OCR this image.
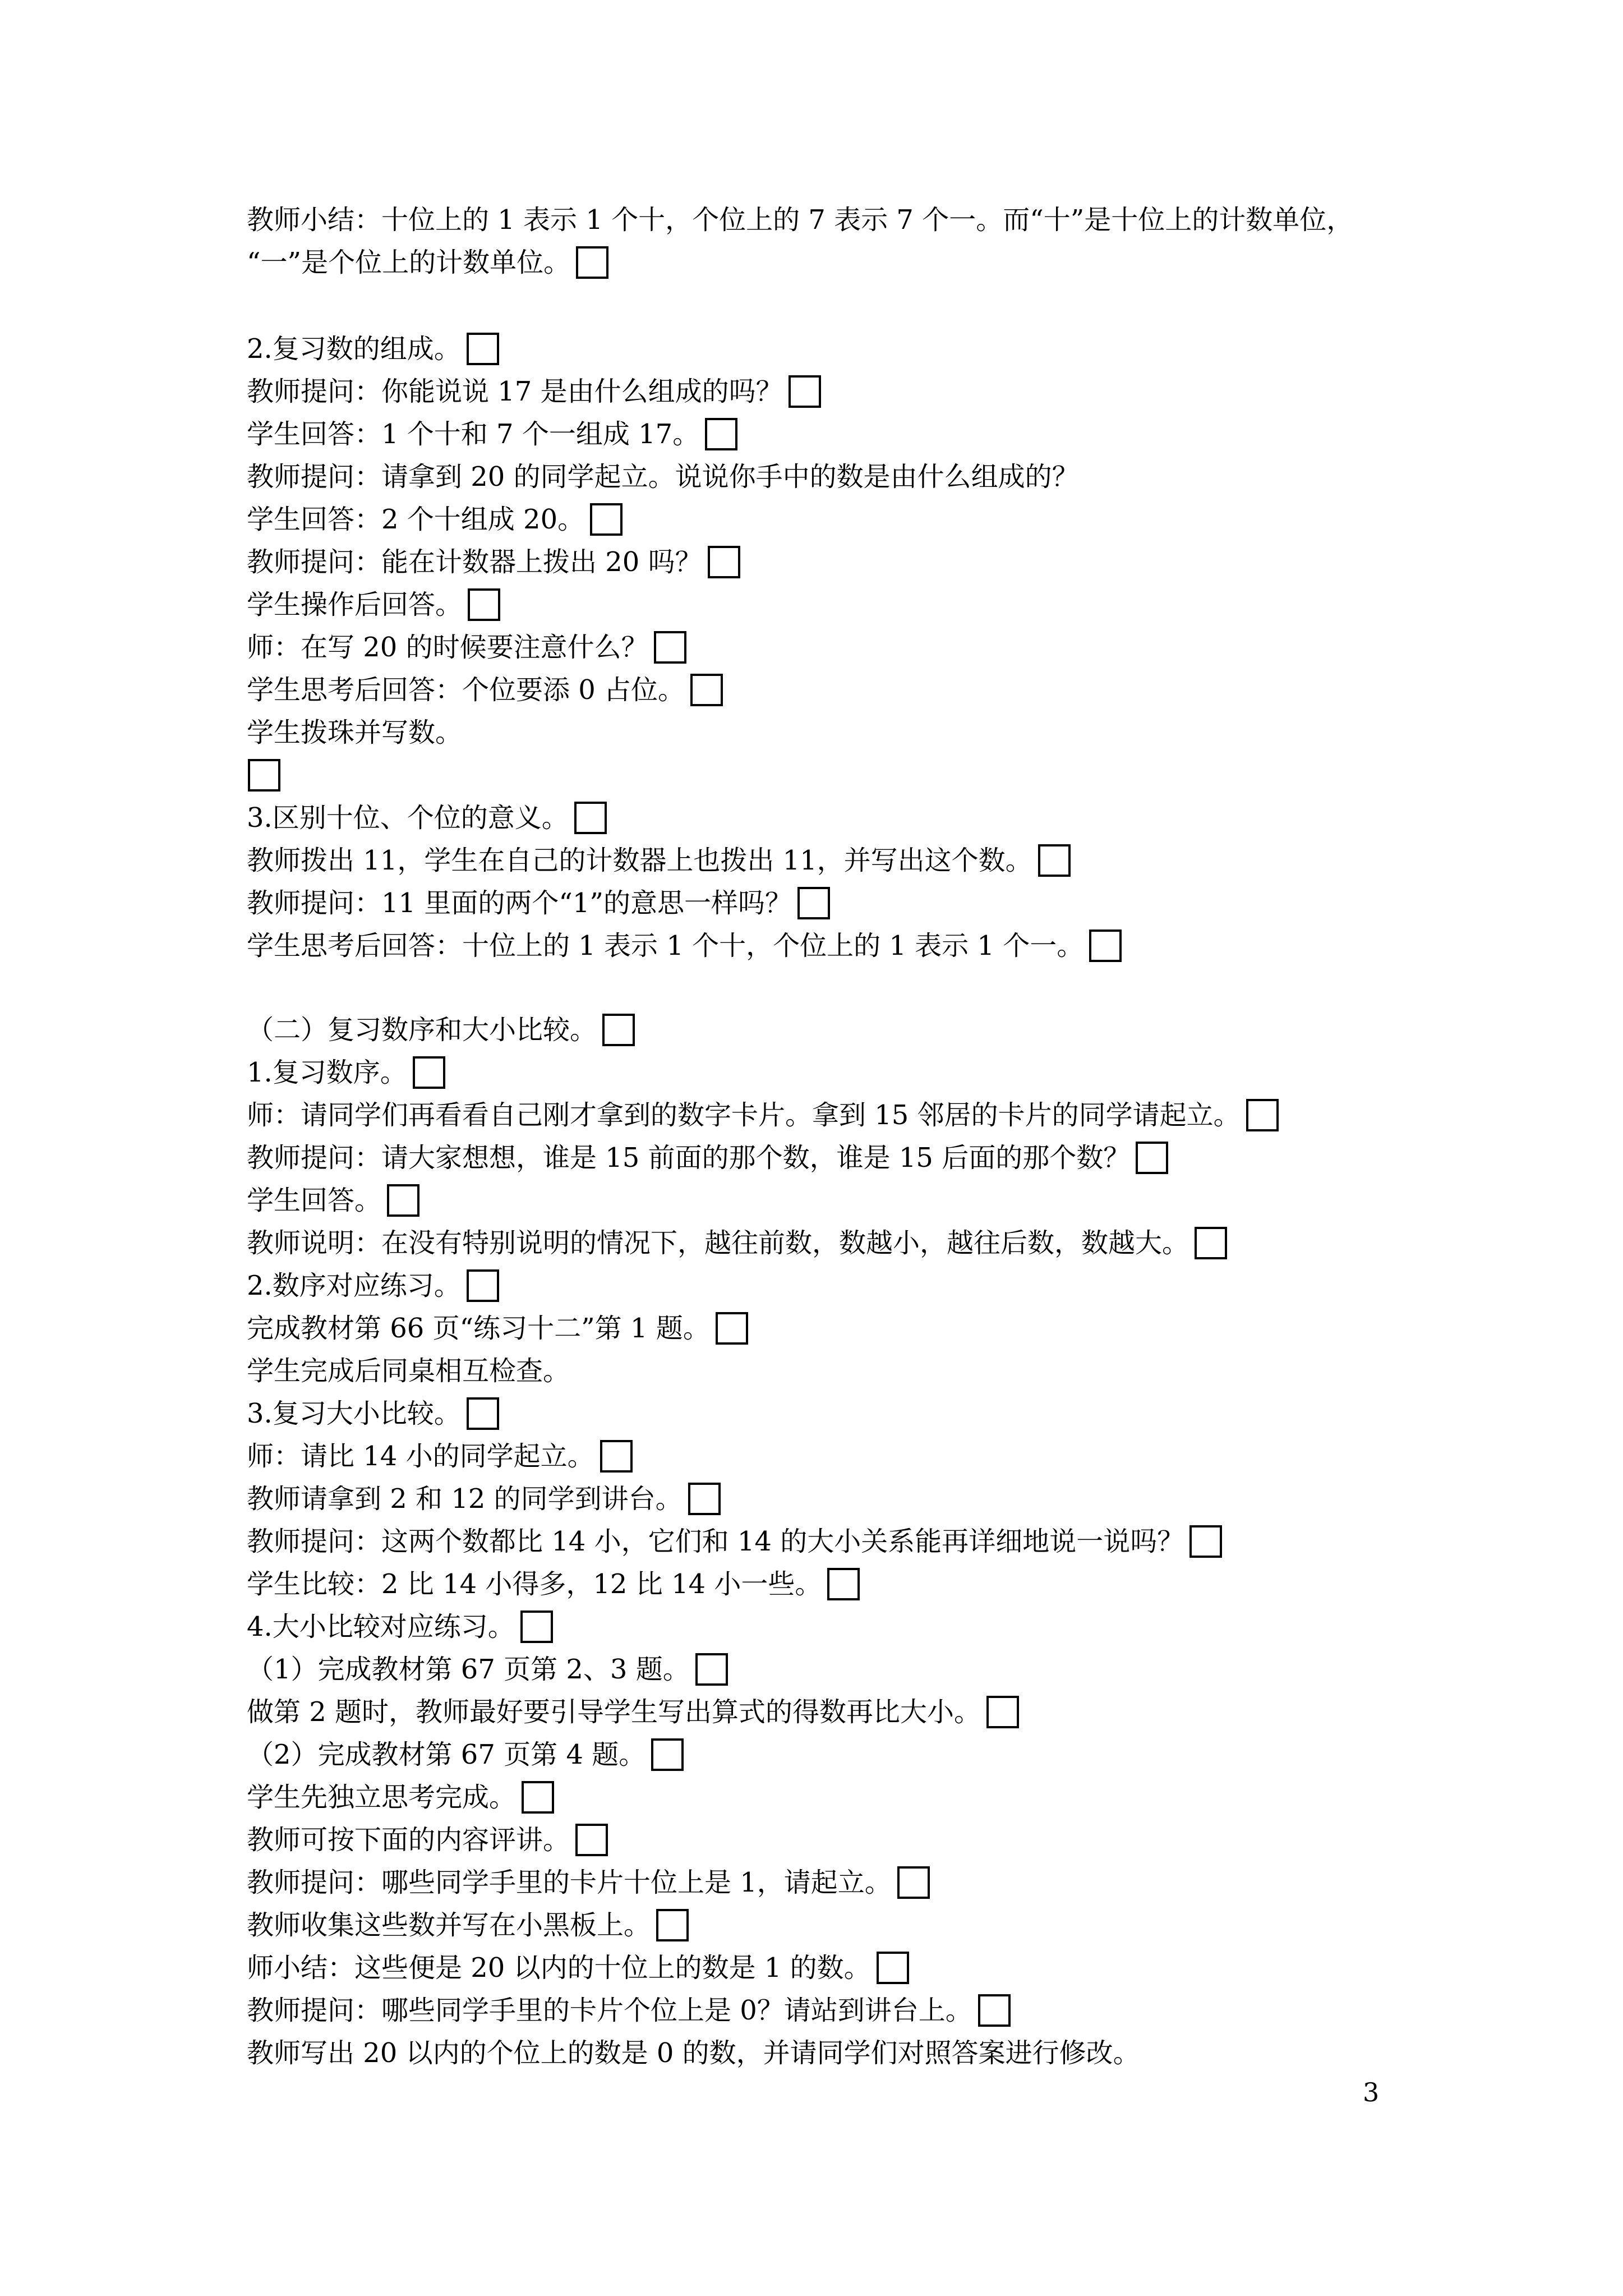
教师小结：十位上的 1 表示 1 个十，个位上的 7 表示 7 个一。而“十”是十位上的计数单位，
“一”是个位上的计数单位。
2.复习数的组成。
教师提问：你能说说 17 是由什么组成的吗？
学生回答：1 个十和 7 个一组成 17。
教师提问：请拿到 20 的同学起立。说说你手中的数是由什么组成的？
学生回答：2 个十组成 20。
教师提问：能在计数器上拨出 20 吗？
学生操作后回答。
师：在写 20 的时候要注意什么？
学生思考后回答：个位要添 0 占位。
学生拨珠并写数。
3.区别十位、个位的意义。
教师拨出 11，学生在自己的计数器上也拨出 11，并写出这个数。
教师提问：11 里面的两个“1”的意思一样吗？
学生思考后回答：十位上的 1 表示 1 个十，个位上的 1 表示 1 个一。
（二）复习数序和大小比较。
1.复习数序。
师：请同学们再看看自己刚才拿到的数字卡片。拿到 15 邻居的卡片的同学请起立。
教师提问：请大家想想，谁是 15 前面的那个数，谁是 15 后面的那个数？
学生回答。
教师说明：在没有特别说明的情况下，越往前数，数越小，越往后数，数越大。
2.数序对应练习。
完成教材第 66 页“练习十二”第 1 题。
学生完成后同桌相互检查。
3.复习大小比较。
师：请比 14 小的同学起立。
教师请拿到 2 和 12 的同学到讲台。
教师提问：这两个数都比 14 小，它们和 14 的大小关系能再详细地说一说吗？
学生比较：2 比 14 小得多，12 比 14 小一些。
4.大小比较对应练习。
（1）完成教材第 67 页第 2、3 题。
做第 2 题时，教师最好要引导学生写出算式的得数再比大小。
（2）完成教材第 67 页第 4 题。
学生先独立思考完成。
教师可按下面的内容评讲。
教师提问：哪些同学手里的卡片十位上是 1，请起立。
教师收集这些数并写在小黑板上。
师小结：这些便是 20 以内的十位上的数是 1 的数。
教师提问：哪些同学手里的卡片个位上是 0？请站到讲台上。
教师写出 20 以内的个位上的数是 0 的数，并请同学们对照答案进行修改。
3
